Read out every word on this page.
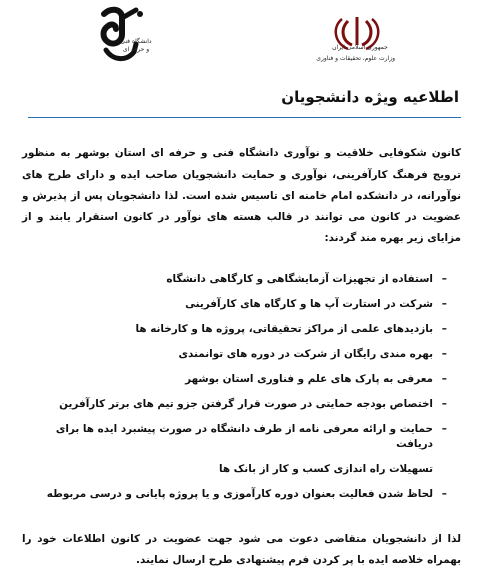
دانشگاه فنی و حرفه ای	جمهوری اسلامی ایران
وزارت علوم، تحقیقات و فناوری
اطلاعیه ویژه دانشجویان

کانون شکوفایی خلاقیت و نوآوری دانشگاه فنی و حرفه ای استان بوشهر به منظور ترویج فرهنگ کارآفرینی، نوآوری و حمایت دانشجویان صاحب ایده و دارای طرح های نوآورانه، در دانشکده امام خامنه ای تاسیس شده است. لذا دانشجویان پس از پذیرش و عضویت در کانون می توانند در قالب هسته های نوآور در کانون استقرار یابند و از مزایای زیر بهره مند گردند:

–
استفاده از تجهیزات آزمایشگاهی و کارگاهی دانشگاه
–
شرکت در استارت آپ ها و کارگاه های کارآفرینی
–
بازدیدهای علمی از مراکز تحقیقاتی، پروژه ها و کارخانه ها
–
بهره مندی رایگان از شرکت در دوره های توانمندی
–
معرفی به پارک های علم و فناوری استان بوشهر
–
اختصاص بودجه حمایتی در صورت قرار گرفتن جزو تیم های برتر کارآفرین
–
حمایت و ارائه معرفی نامه از طرف دانشگاه در صورت پیشبرد ایده ها برای دریافت
تسهیلات راه اندازی کسب و کار از بانک ها
–
لحاظ شدن فعالیت بعنوان دوره کارآموزی و یا پروژه پایانی و درسی مربوطه

لذا از دانشجویان متقاضی دعوت می شود جهت عضویت در کانون اطلاعات خود را بهمراه خلاصه ایده با پر کردن فرم پیشنهادی طرح ارسال نمایند.
